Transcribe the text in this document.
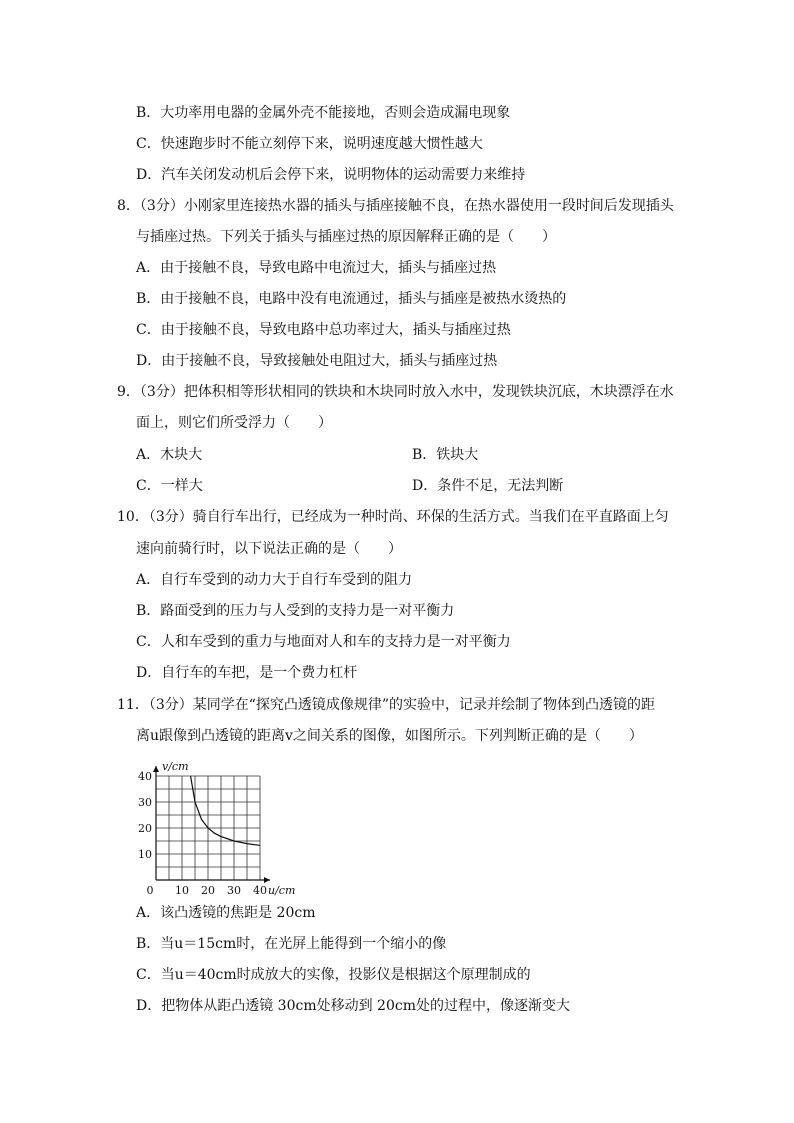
B．大功率用电器的金属外壳不能接地，否则会造成漏电现象
C．快速跑步时不能立刻停下来，说明速度越大惯性越大
D．汽车关闭发动机后会停下来，说明物体的运动需要力来维持
8．（3分）小刚家里连接热水器的插头与插座接触不良，在热水器使用一段时间后发现插头
与插座过热。下列关于插头与插座过热的原因解释正确的是（　　）
A．由于接触不良，导致电路中电流过大，插头与插座过热
B．由于接触不良，电路中没有电流通过，插头与插座是被热水烫热的
C．由于接触不良，导致电路中总功率过大，插头与插座过热
D．由于接触不良，导致接触处电阻过大，插头与插座过热
9．（3分）把体积相等形状相同的铁块和木块同时放入水中，发现铁块沉底，木块漂浮在水
面上，则它们所受浮力（　　）
A．木块大	B．铁块大
C．一样大	D．条件不足，无法判断
10．（3分）骑自行车出行，已经成为一种时尚、环保的生活方式。当我们在平直路面上匀
速向前骑行时，以下说法正确的是（　　）
A．自行车受到的动力大于自行车受到的阻力
B．路面受到的压力与人受到的支持力是一对平衡力
C．人和车受到的重力与地面对人和车的支持力是一对平衡力
D．自行车的车把，是一个费力杠杆
11．（3分）某同学在“探究凸透镜成像规律”的实验中，记录并绘制了物体到凸透镜的距
离u跟像到凸透镜的距离v之间关系的图像，如图所示。下列判断正确的是（　　）
0 10 20 30 40
10
20
30
40
u/cm
v/cm
A．该凸透镜的焦距是 20cm
B．当u＝15cm时，在光屏上能得到一个缩小的像
C．当u＝40cm时成放大的实像，投影仪是根据这个原理制成的
D．把物体从距凸透镜 30cm处移动到 20cm处的过程中，像逐渐变大
